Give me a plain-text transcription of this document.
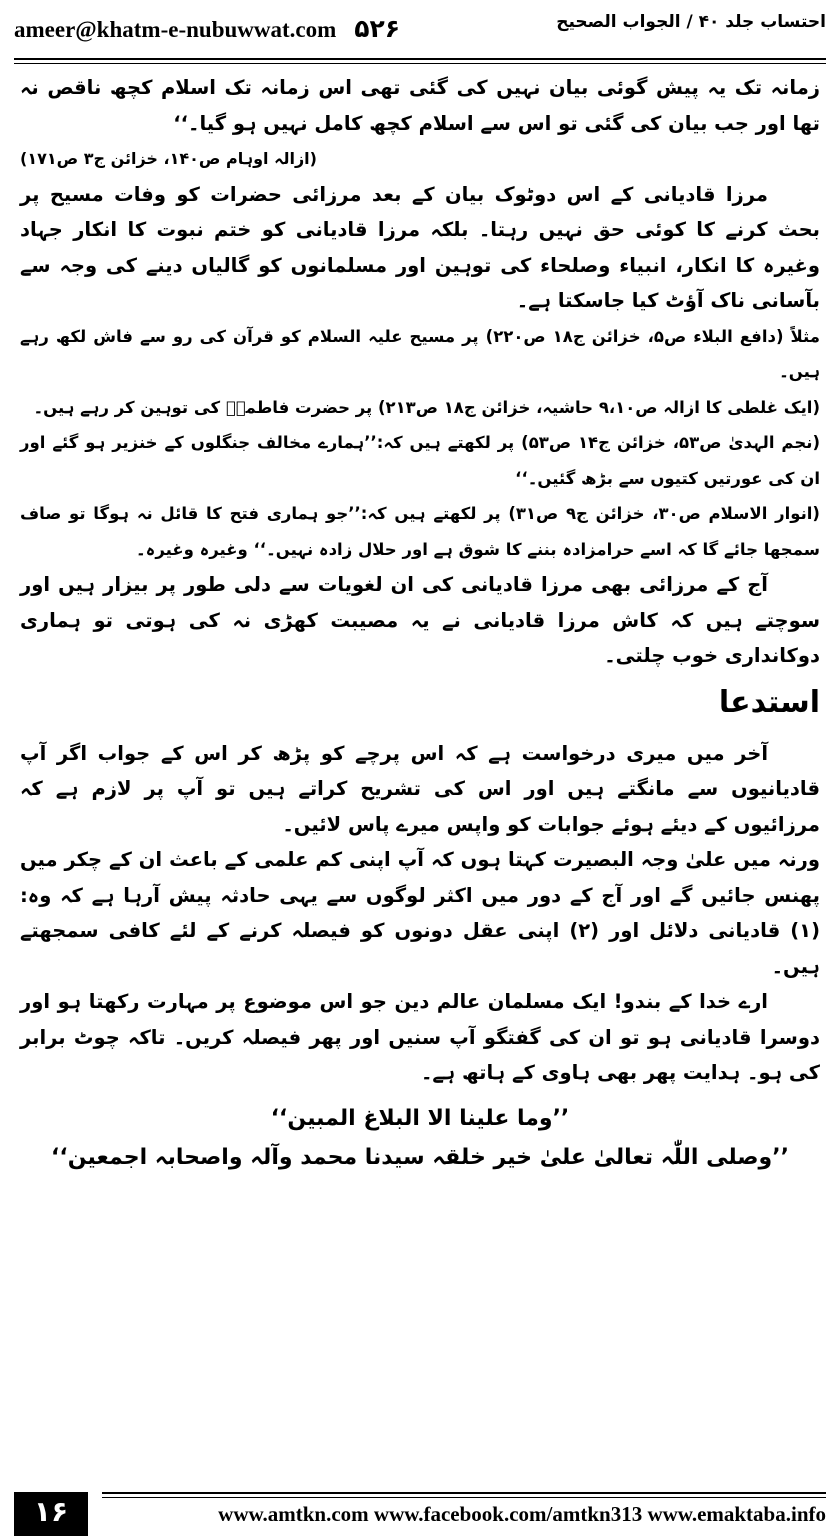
ameer@khatm-e-nubuwwat.com ۵۲۶	احتساب جلد ۴۰ / الجواب الصحیح

زمانہ تک یہ پیش گوئی بیان نہیں کی گئی تھی اس زمانہ تک اسلام کچھ ناقص نہ تھا اور جب بیان کی گئی تو اس سے اسلام کچھ کامل نہیں ہو گیا۔‘‘
(ازالہ اوہام ص۱۴۰، خزائن ج۳ ص۱۷۱)

مرزا قادیانی کے اس دوٹوک بیان کے بعد مرزائی حضرات کو وفات مسیح پر بحث کرنے کا کوئی حق نہیں رہتا۔ بلکہ مرزا قادیانی کو ختم نبوت کا انکار جہاد وغیرہ کا انکار، انبیاء وصلحاء کی توہین اور مسلمانوں کو گالیاں دینے کی وجہ سے بآسانی ناک آؤٹ کیا جاسکتا ہے۔

مثلاً (دافع البلاء ص۵، خزائن ج۱۸ ص۲۲۰) پر مسیح علیہ السلام کو قرآن کی رو سے فاش لکھ رہے ہیں۔

(ایک غلطی کا ازالہ ص۹،۱۰ حاشیہ، خزائن ج۱۸ ص۲۱۳) پر حضرت فاطمہؓ کی توہین کر رہے ہیں۔

(نجم الہدیٰ ص۵۳، خزائن ج۱۴ ص۵۳) پر لکھتے ہیں کہ:’’ہمارے مخالف جنگلوں کے خنزیر ہو گئے اور ان کی عورتیں کتیوں سے بڑھ گئیں۔‘‘

(انوار الاسلام ص۳۰، خزائن ج۹ ص۳۱) پر لکھتے ہیں کہ:’’جو ہماری فتح کا قائل نہ ہوگا تو صاف سمجھا جائے گا کہ اسے حرامزادہ بننے کا شوق ہے اور حلال زادہ نہیں۔‘‘ وغیرہ وغیرہ۔

آج کے مرزائی بھی مرزا قادیانی کی ان لغویات سے دلی طور پر بیزار ہیں اور سوچتے ہیں کہ کاش مرزا قادیانی نے یہ مصیبت کھڑی نہ کی ہوتی تو ہماری دوکانداری خوب چلتی۔

استدعا

آخر میں میری درخواست ہے کہ اس پرچے کو پڑھ کر اس کے جواب اگر آپ قادیانیوں سے مانگتے ہیں اور اس کی تشریح کراتے ہیں تو آپ پر لازم ہے کہ مرزائیوں کے دیئے ہوئے جوابات کو واپس میرے پاس لائیں۔

ورنہ میں علیٰ وجہ البصیرت کہتا ہوں کہ آپ اپنی کم علمی کے باعث ان کے چکر میں پھنس جائیں گے اور آج کے دور میں اکثر لوگوں سے یہی حادثہ پیش آرہا ہے کہ وہ: (۱) قادیانی دلائل اور (۲) اپنی عقل دونوں کو فیصلہ کرنے کے لئے کافی سمجھتے ہیں۔

ارے خدا کے بندو! ایک مسلمان عالم دین جو اس موضوع پر مہارت رکھتا ہو اور دوسرا قادیانی ہو تو ان کی گفتگو آپ سنیں اور پھر فیصلہ کریں۔ تاکہ چوٹ برابر کی ہو۔ ہدایت پھر بھی ہاوی کے ہاتھ ہے۔

’’وما علینا الا البلاغ المبین‘‘

’’وصلی اللّٰہ تعالیٰ علیٰ خیر خلقہ سیدنا محمد وآلہ واصحابہ اجمعین‘‘

۱۶	www.amtkn.com www.facebook.com/amtkn313 www.emaktaba.info
